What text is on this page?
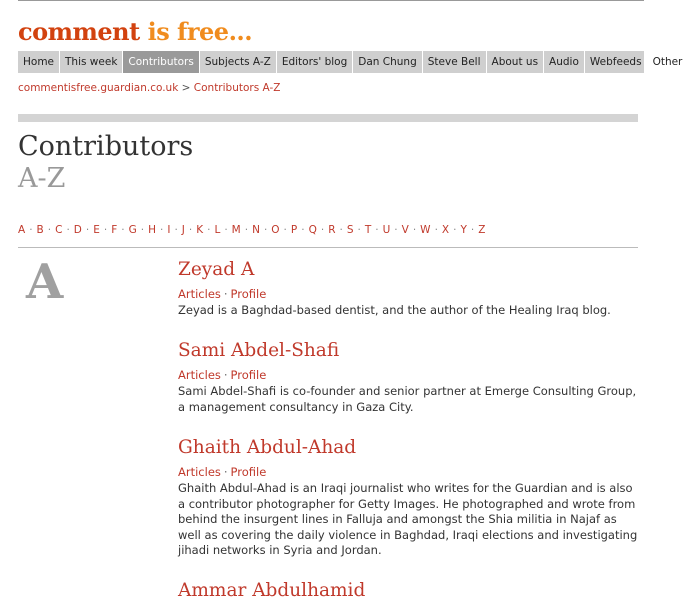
comment is free...
Home This week Contributors Subjects A-Z Editors' blog Dan Chung Steve Bell About us Audio Webfeeds Other
commentisfree.guardian.co.uk > Contributors A-Z
Contributors
A-Z
A · B · C · D · E · F · G · H · I · J · K · L · M · N · O · P · Q · R · S · T · U · V · W · X · Y · Z
A	Zeyad A
Articles · Profile
Zeyad is a Baghdad-based dentist, and the author of the Healing Iraq blog.
Sami Abdel-Shafi
Articles · Profile
Sami Abdel-Shafi is co-founder and senior partner at Emerge Consulting Group, a management consultancy in Gaza City.
Ghaith Abdul-Ahad
Articles · Profile
Ghaith Abdul-Ahad is an Iraqi journalist who writes for the Guardian and is also a contributor photographer for Getty Images. He photographed and wrote from behind the insurgent lines in Falluja and amongst the Shia militia in Najaf as well as covering the daily violence in Baghdad, Iraqi elections and investigating jihadi networks in Syria and Jordan.
Ammar Abdulhamid
